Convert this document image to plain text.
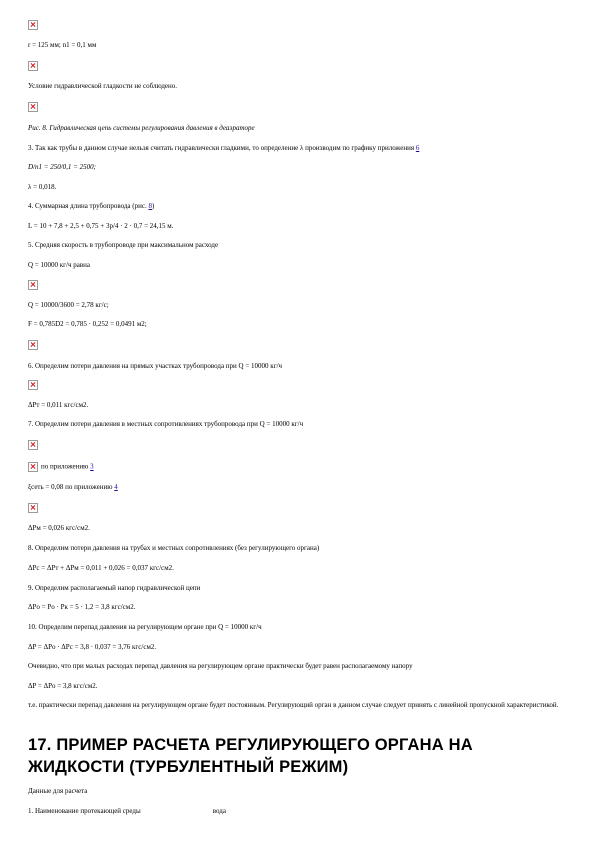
r = 125 мм; n1 = 0,1 мм
Условие гидравлической гладкости не соблюдено.
Рис. 8. Гидравлическая цепь системы регулирования давления в деаэраторе
3. Так как трубы в данном случае нельзя считать гидравлически гладкими, то определение λ производим по графику приложения 6
D/n1 = 250/0,1 = 2500;
λ = 0,018.
4. Суммарная длина трубопровода (рис. 8)
L = 10 + 7,8 + 2,5 + 0,75 + 3p/4 · 2 · 0,7 = 24,15 м.
5. Средняя скорость в трубопроводе при максимальном расходе
Q = 10000 кг/ч равна
Q = 10000/3600 = 2,78 кг/с;
F = 0,785D2 = 0,785 · 0,252 = 0,0491 м2;
6. Определим потери давления на прямых участках трубопровода при Q = 10000 кг/ч
ΔPт = 0,011 кгс/см2.
7. Определим потери давления в местных сопротивлениях трубопровода при Q = 10000 кг/ч
по приложению 3
ξсеть = 0,08 по приложению 4
ΔPм = 0,026 кгс/см2.
8. Определим потери давления на трубах и местных сопротивлениях (без регулирующего органа)
ΔPс = ΔPт + ΔPм = 0,011 + 0,026 = 0,037 кгс/см2.
9. Определим располагаемый напор гидравлической цепи
ΔPo = Po · Pк = 5 · 1,2 = 3,8 кгс/см2.
10. Определим перепад давления на регулирующем органе при Q = 10000 кг/ч
ΔP = ΔPo · ΔPc = 3,8 · 0,037 = 3,76 кгс/см2.
Очевидно, что при малых расходах перепад давления на регулирующем органе практически будет равен располагаемому напору
ΔP = ΔPo = 3,8 кгс/см2.
т.е. практически перепад давления на регулирующем органе будет постоянным. Регулирующий орган в данном случае следует принять с линейной пропускной характеристикой.
17. ПРИМЕР РАСЧЕТА РЕГУЛИРУЮЩЕГО ОРГАНА НА ЖИДКОСТИ (ТУРБУЛЕНТНЫЙ РЕЖИМ)
Данные для расчета
1. Наименование протекающей среды	вода
